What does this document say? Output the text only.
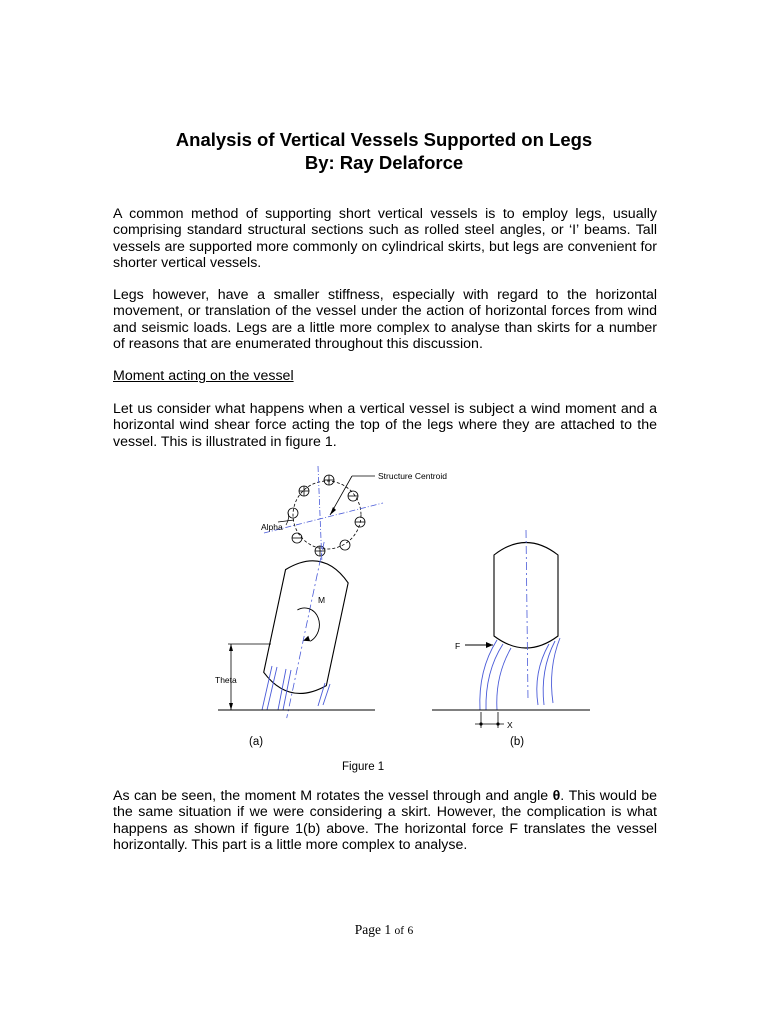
Analysis of Vertical Vessels Supported on Legs
By: Ray Delaforce

A common method of supporting short vertical vessels is to employ legs, usually comprising standard structural sections such as rolled steel angles, or ‘I’ beams. Tall vessels are supported more commonly on cylindrical skirts, but legs are convenient for shorter vertical vessels.

Legs however, have a smaller stiffness, especially with regard to the horizontal movement, or translation of the vessel under the action of horizontal forces from wind and seismic loads. Legs are a little more complex to analyse than skirts for a number of reasons that are enumerated throughout this discussion.

Moment acting on the vessel

Let us consider what happens when a vertical vessel is subject a wind moment and a horizontal wind shear force acting the top of the legs where they are attached to the vessel. This is illustrated in figure 1.

Structure Centroid
Alpha
M
Theta
F
X
(a)	(b)
Figure 1

As can be seen, the moment M rotates the vessel through and angle θ. This would be the same situation if we were considering a skirt. However, the complication is what happens as shown if figure 1(b) above. The horizontal force F translates the vessel horizontally. This part is a little more complex to analyse.

Page 1 of 6
